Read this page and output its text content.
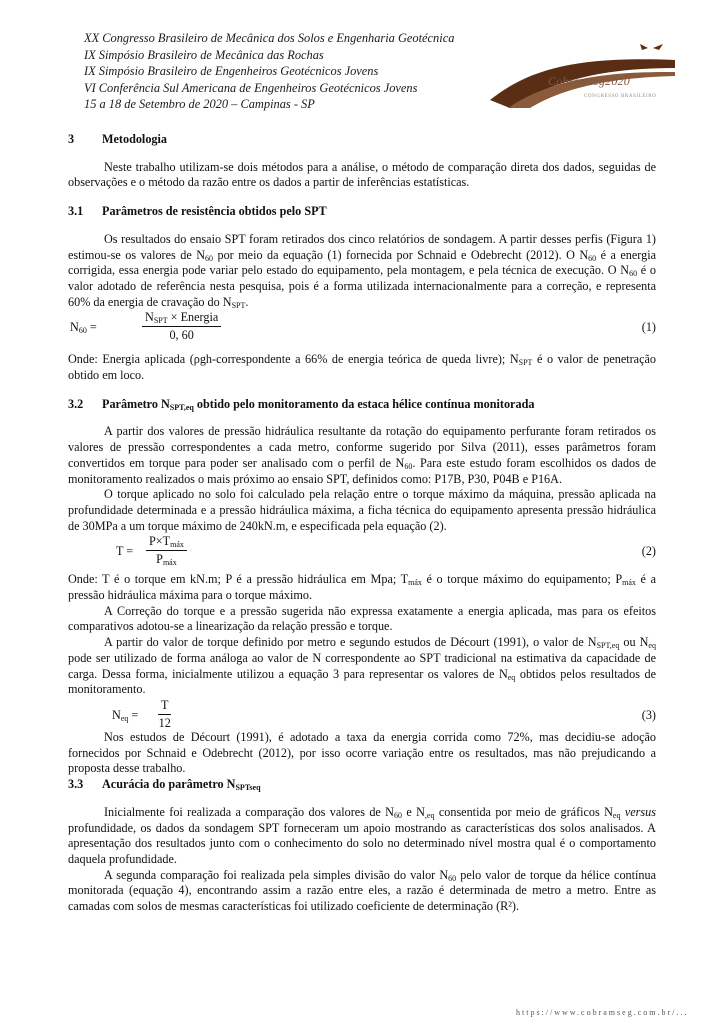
XX Congresso Brasileiro de Mecânica dos Solos e Engenharia Geotécnica
IX Simpósio Brasileiro de Mecânica das Rochas
IX Simpósio Brasileiro de Engenheiros Geotécnicos Jovens
VI Conferência Sul Americana de Engenheiros Geotécnicos Jovens
15 a 18 de Setembro de 2020 – Campinas - SP
Cobramseg2020
CONGRESSO BRASILEIRO
3	Metodologia

Neste trabalho utilizam-se dois métodos para a análise, o método de comparação direta dos dados, seguidas de observações e o método da razão entre os dados a partir de inferências estatísticas.

3.1	Parâmetros de resistência obtidos pelo SPT

Os resultados do ensaio SPT foram retirados dos cinco relatórios de sondagem. A partir desses perfis (Figura 1) estimou-se os valores de $N_{60}$ por meio da equação (1) fornecida por Schnaid e Odebrecht (2012). O $N_{60}$ é a energia corrigida, essa energia pode variar pelo estado do equipamento, pela montagem, e pela técnica de execução. O $N_{60}$ é o valor adotado de referência nesta pesquisa, pois é a forma utilizada internacionalmente para a correção, e representa 60% da energia de cravação do $N_{SPT}$.

$N_{60}$ =
$N_{SPT}$ × Energia
0, 60
(1)

Onde: Energia aplicada (ρgh-correspondente a 66% de energia teórica de queda livre); $N_{SPT}$ é o valor de penetração obtido em loco.

3.2	Parâmetro $N_{SPT,eq}$ obtido pelo monitoramento da estaca hélice contínua monitorada

A partir dos valores de pressão hidráulica resultante da rotação do equipamento perfurante foram retirados os valores de pressão correspondentes a cada metro, conforme sugerido por Silva (2011), esses parâmetros foram convertidos em torque para poder ser analisado com o perfil de $N_{60}$. Para este estudo foram escolhidos os dados de monitoramento realizados o mais próximo ao ensaio SPT, definidos como: P17B, P30, P04B e P16A.

O torque aplicado no solo foi calculado pela relação entre o torque máximo da máquina, pressão aplicada na profundidade determinada e a pressão hidráulica máxima, a ficha técnica do equipamento apresenta pressão hidráulica de 30MPa a um torque máximo de 240kN.m, e especificada pela equação (2).

T =
$P\times T_{máx}$
$P_{máx}$
(2)

Onde: T é o torque em kN.m; P é a pressão hidráulica em Mpa; $T_{máx}$ é o torque máximo do equipamento; $P_{máx}$ é a pressão hidráulica máxima para o torque máximo.

A Correção do torque e a pressão sugerida não expressa exatamente a energia aplicada, mas para os efeitos comparativos adotou-se a linearização da relação pressão e torque.

A partir do valor de torque definido por metro e segundo estudos de Décourt (1991), o valor de $N_{SPT,eq}$ ou $N_{eq}$ pode ser utilizado de forma análoga ao valor de N correspondente ao SPT tradicional na estimativa da capacidade de carga. Dessa forma, inicialmente utilizou a equação 3 para representar os valores de $N_{eq}$ obtidos pelos resultados de monitoramento.

$N_{eq} = \frac{T}{12}$	(3)

Nos estudos de Décourt (1991), é adotado a taxa da energia corrida como 72%, mas decidiu-se adoção fornecidos por Schnaid e Odebrecht (2012), por isso ocorre variação entre os resultados, mas não prejudicando a proposta desse trabalho.

3.3	Acurácia do parâmetro $N_{SPTseq}$

Inicialmente foi realizada a comparação dos valores de $N_{60}$ e $N_{,eq}$ consentida por meio de gráficos $N_{eq}$ versus profundidade, os dados da sondagem SPT forneceram um apoio mostrando as características dos solos analisados. A apresentação dos resultados junto com o conhecimento do solo no determinado nível mostra qual é o comportamento daquela profundidade.

A segunda comparação foi realizada pela simples divisão do valor $N_{60}$ pelo valor de torque da hélice contínua monitorada (equação 4), encontrando assim a razão entre eles, a razão é determinada de metro a metro. Entre as camadas com solos de mesmas características foi utilizado coeficiente de determinação (R²).

https://www.cobramseg.com.br/...
